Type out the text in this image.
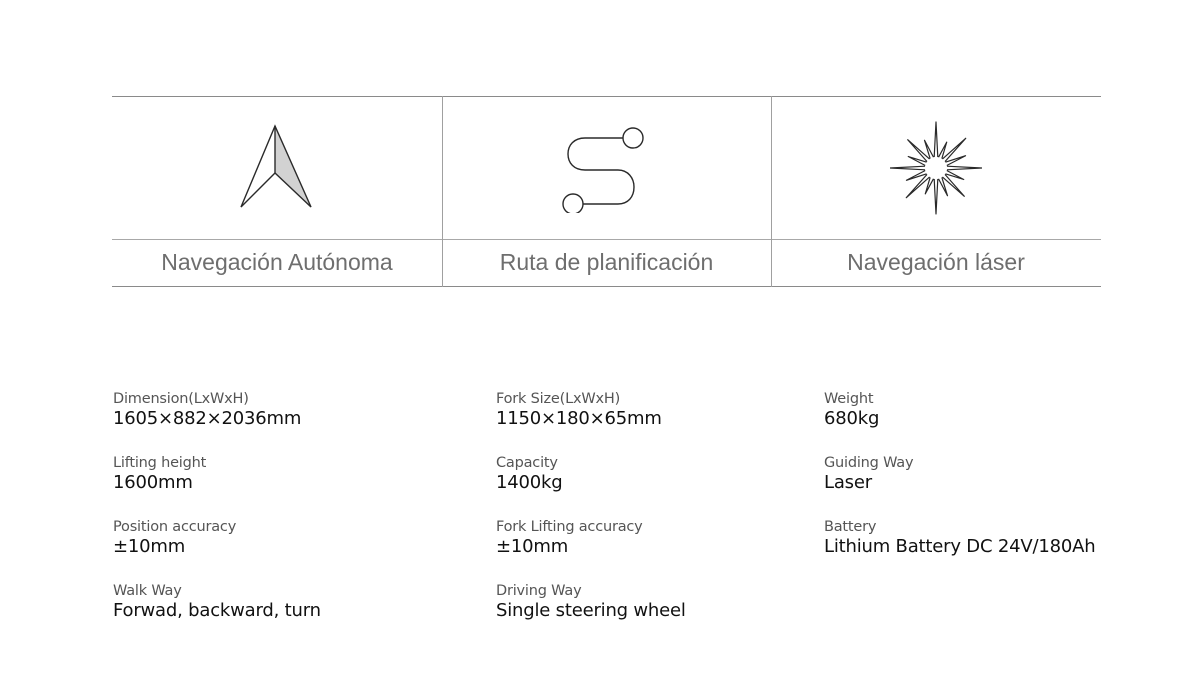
Navegación Autónoma	Ruta de planificación	Navegación láser
Dimension(LxWxH)
1605×882×2036mm
Lifting height
1600mm
Position accuracy
±10mm
Walk Way
Forwad, backward, turn
Fork Size(LxWxH)
1150×180×65mm
Capacity
1400kg
Fork Lifting accuracy
±10mm
Driving Way
Single steering wheel
Weight
680kg
Guiding Way
Laser
Battery
Lithium Battery DC 24V/180Ah
